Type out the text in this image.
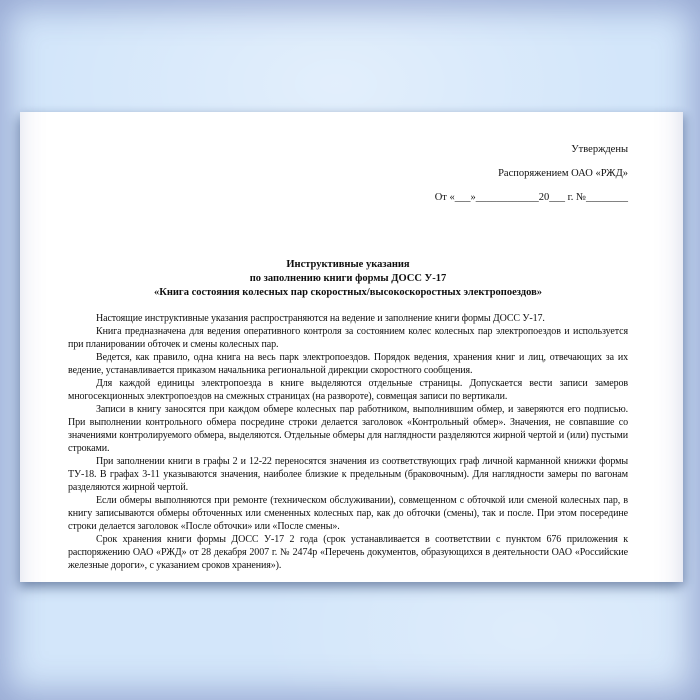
Утверждены
Распоряжением ОАО «РЖД»
От «___»____________20___ г. №________
Инструктивные указания
по заполнению книги формы ДОСС У-17
«Книга состояния колесных пар скоростных/высокоскоростных электропоездов»

Настоящие инструктивные указания распространяются на ведение и заполнение книги формы ДОСС У-17.

Книга предназначена для ведения оперативного контроля за состоянием колес колесных пар электропоездов и используется при планировании обточек и смены колесных пар.

Ведется, как правило, одна книга на весь парк электропоездов. Порядок ведения, хранения книг и лиц, отвечающих за их ведение, устанавливается приказом начальника региональной дирекции скоростного сообщения.

Для каждой единицы электропоезда в книге выделяются отдельные страницы. Допускается вести записи замеров многосекционных электропоездов на смежных страницах (на развороте), совмещая записи по вертикали.

Записи в книгу заносятся при каждом обмере колесных пар работником, выполнившим обмер, и заверяются его подписью. При выполнении контрольного обмера посредине строки делается заголовок «Контрольный обмер». Значения, не совпавшие со значениями контролируемого обмера, выделяются. Отдельные обмеры для наглядности разделяются жирной чертой и (или) пустыми строками.

При заполнении книги в графы 2 и 12-22 переносятся значения из соответствующих граф личной карманной книжки формы ТУ-18. В графах 3-11 указываются значения, наиболее близкие к предельным (браковочным). Для наглядности замеры по вагонам разделяются жирной чертой.

Если обмеры выполняются при ремонте (техническом обслуживании), совмещенном с обточкой или сменой колесных пар, в книгу записываются обмеры обточенных или смененных колесных пар, как до обточки (смены), так и после. При этом посередине строки делается заголовок «После обточки» или «После смены».

Срок хранения книги формы ДОСС У-17 2 года (срок устанавливается в соответствии с пунктом 676 приложения к распоряжению ОАО «РЖД» от 28 декабря 2007 г. № 2474р «Перечень документов, образующихся в деятельности ОАО «Российские железные дороги», с указанием сроков хранения»).
